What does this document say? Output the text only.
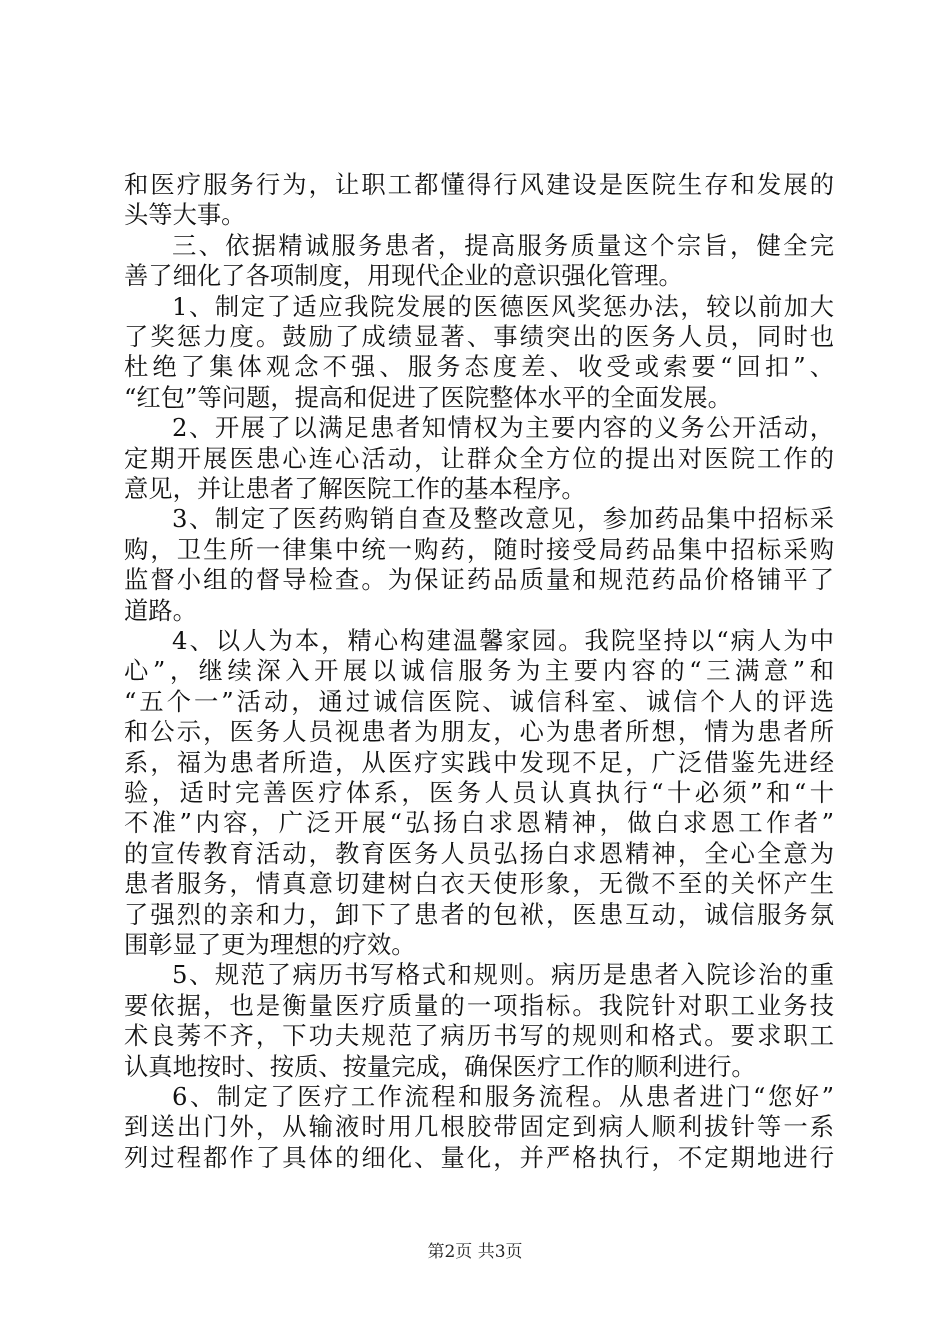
和医疗服务行为，让职工都懂得行风建设是医院生存和发展的
头等大事。
三、依据精诚服务患者，提高服务质量这个宗旨，健全完
善了细化了各项制度，用现代企业的意识强化管理。
1、制定了适应我院发展的医德医风奖惩办法，较以前加大
了奖惩力度。鼓励了成绩显著、事绩突出的医务人员，同时也
杜绝了集体观念不强、服务态度差、收受或索要“回扣”、
“红包”等问题，提高和促进了医院整体水平的全面发展。
2、开展了以满足患者知情权为主要内容的义务公开活动，
定期开展医患心连心活动，让群众全方位的提出对医院工作的
意见，并让患者了解医院工作的基本程序。
3、制定了医药购销自查及整改意见，参加药品集中招标采
购，卫生所一律集中统一购药，随时接受局药品集中招标采购
监督小组的督导检查。为保证药品质量和规范药品价格铺平了
道路。
4、以人为本，精心构建温馨家园。我院坚持以“病人为中
心”，继续深入开展以诚信服务为主要内容的“三满意”和
“五个一”活动，通过诚信医院、诚信科室、诚信个人的评选
和公示，医务人员视患者为朋友，心为患者所想，情为患者所
系，福为患者所造，从医疗实践中发现不足，广泛借鉴先进经
验，适时完善医疗体系，医务人员认真执行“十必须”和“十
不准”内容，广泛开展“弘扬白求恩精神，做白求恩工作者”
的宣传教育活动，教育医务人员弘扬白求恩精神，全心全意为
患者服务，情真意切建树白衣天使形象，无微不至的关怀产生
了强烈的亲和力，卸下了患者的包袱，医患互动，诚信服务氛
围彰显了更为理想的疗效。
5、规范了病历书写格式和规则。病历是患者入院诊治的重
要依据，也是衡量医疗质量的一项指标。我院针对职工业务技
术良莠不齐，下功夫规范了病历书写的规则和格式。要求职工
认真地按时、按质、按量完成，确保医疗工作的顺利进行。
6、制定了医疗工作流程和服务流程。从患者进门“您好”
到送出门外，从输液时用几根胶带固定到病人顺利拔针等一系
列过程都作了具体的细化、量化，并严格执行，不定期地进行
第2页 共3页
